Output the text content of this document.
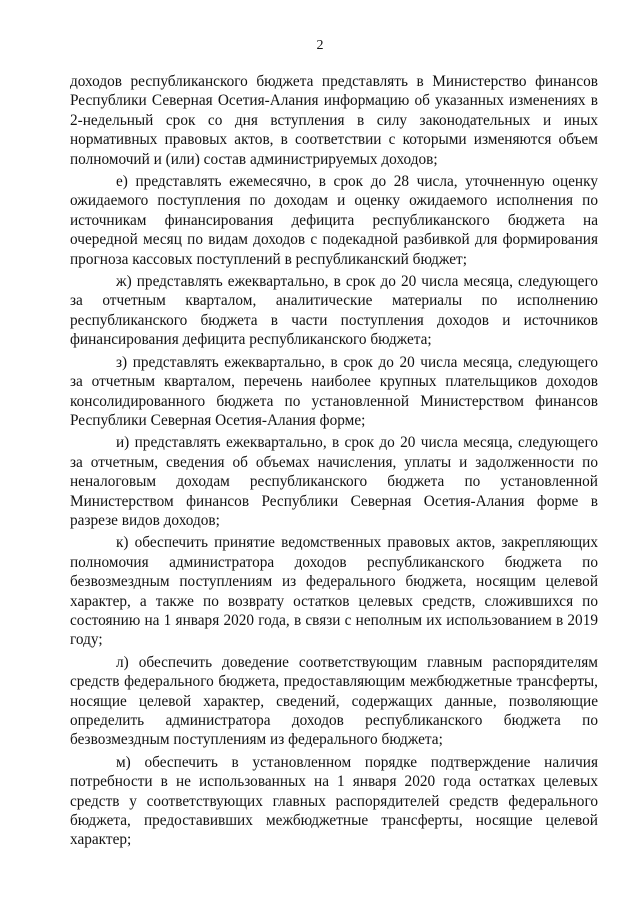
2

доходов республиканского бюджета представлять в Министерство финансов Республики Северная Осетия-Алания информацию об указанных изменениях в 2-недельный срок со дня вступления в силу законодательных и иных нормативных правовых актов, в соответствии с которыми изменяются объем полномочий и (или) состав администрируемых доходов;

е) представлять ежемесячно, в срок до 28 числа, уточненную оценку ожидаемого поступления по доходам и оценку ожидаемого исполнения по источникам финансирования дефицита республиканского бюджета на очередной месяц по видам доходов с подекадной разбивкой для формирования прогноза кассовых поступлений в республиканский бюджет;

ж) представлять ежеквартально, в срок до 20 числа месяца, следующего за отчетным кварталом, аналитические материалы по исполнению республиканского бюджета в части поступления доходов и источников финансирования дефицита республиканского бюджета;

з) представлять ежеквартально, в срок до 20 числа месяца, следующего за отчетным кварталом, перечень наиболее крупных плательщиков доходов консолидированного бюджета по установленной Министерством финансов Республики Северная Осетия-Алания форме;

и) представлять ежеквартально, в срок до 20 числа месяца, следующего за отчетным, сведения об объемах начисления, уплаты и задолженности по неналоговым доходам республиканского бюджета по установленной Министерством финансов Республики Северная Осетия-Алания форме в разрезе видов доходов;

к) обеспечить принятие ведомственных правовых актов, закрепляющих полномочия администратора доходов республиканского бюджета по безвозмездным поступлениям из федерального бюджета, носящим целевой характер, а также по возврату остатков целевых средств, сложившихся по состоянию на 1 января 2020 года, в связи с неполным их использованием в 2019 году;

л) обеспечить доведение соответствующим главным распорядителям средств федерального бюджета, предоставляющим межбюджетные трансферты, носящие целевой характер, сведений, содержащих данные, позволяющие определить администратора доходов республиканского бюджета по безвозмездным поступлениям из федерального бюджета;

м) обеспечить в установленном порядке подтверждение наличия потребности в не использованных на 1 января 2020 года остатках целевых средств у соответствующих главных распорядителей средств федерального бюджета, предоставивших межбюджетные трансферты, носящие целевой характер;
